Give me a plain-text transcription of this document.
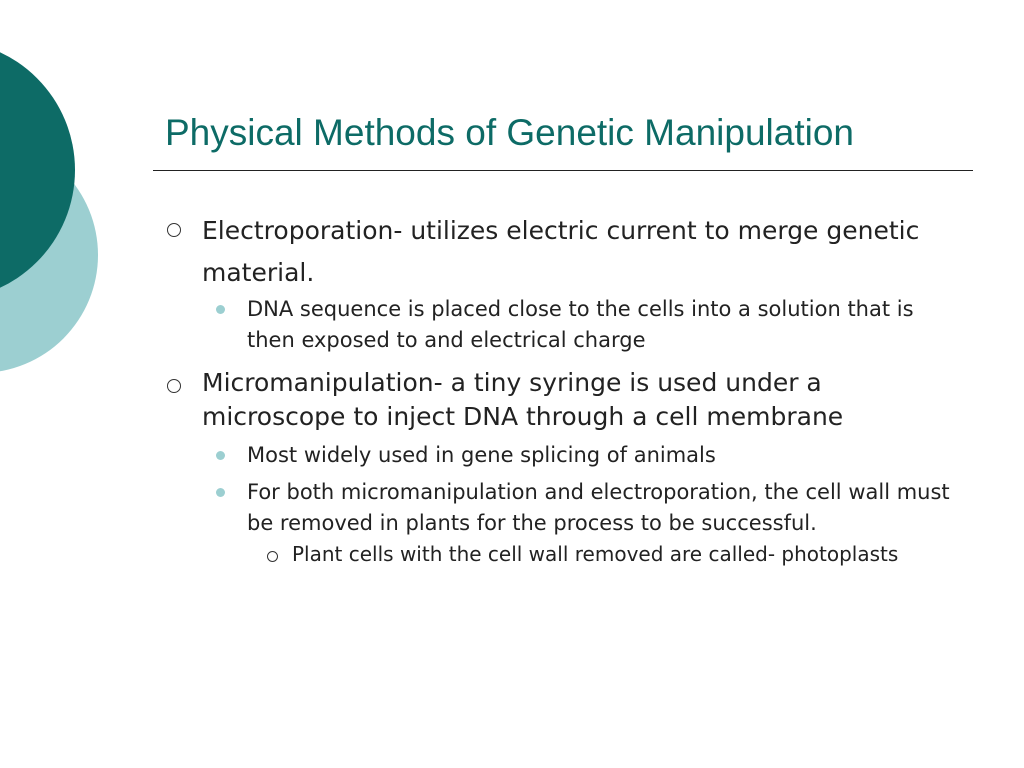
Physical Methods of Genetic Manipulation
Electroporation- utilizes electric current to merge genetic material.
DNA sequence is placed close to the cells into a solution that is then exposed to and electrical charge
Micromanipulation- a tiny syringe is used under a microscope to inject DNA through a cell membrane
Most widely used in gene splicing of animals
For both micromanipulation and electroporation, the cell wall must be removed in plants for the process to be successful.
Plant cells with the cell wall removed are called- photoplasts
